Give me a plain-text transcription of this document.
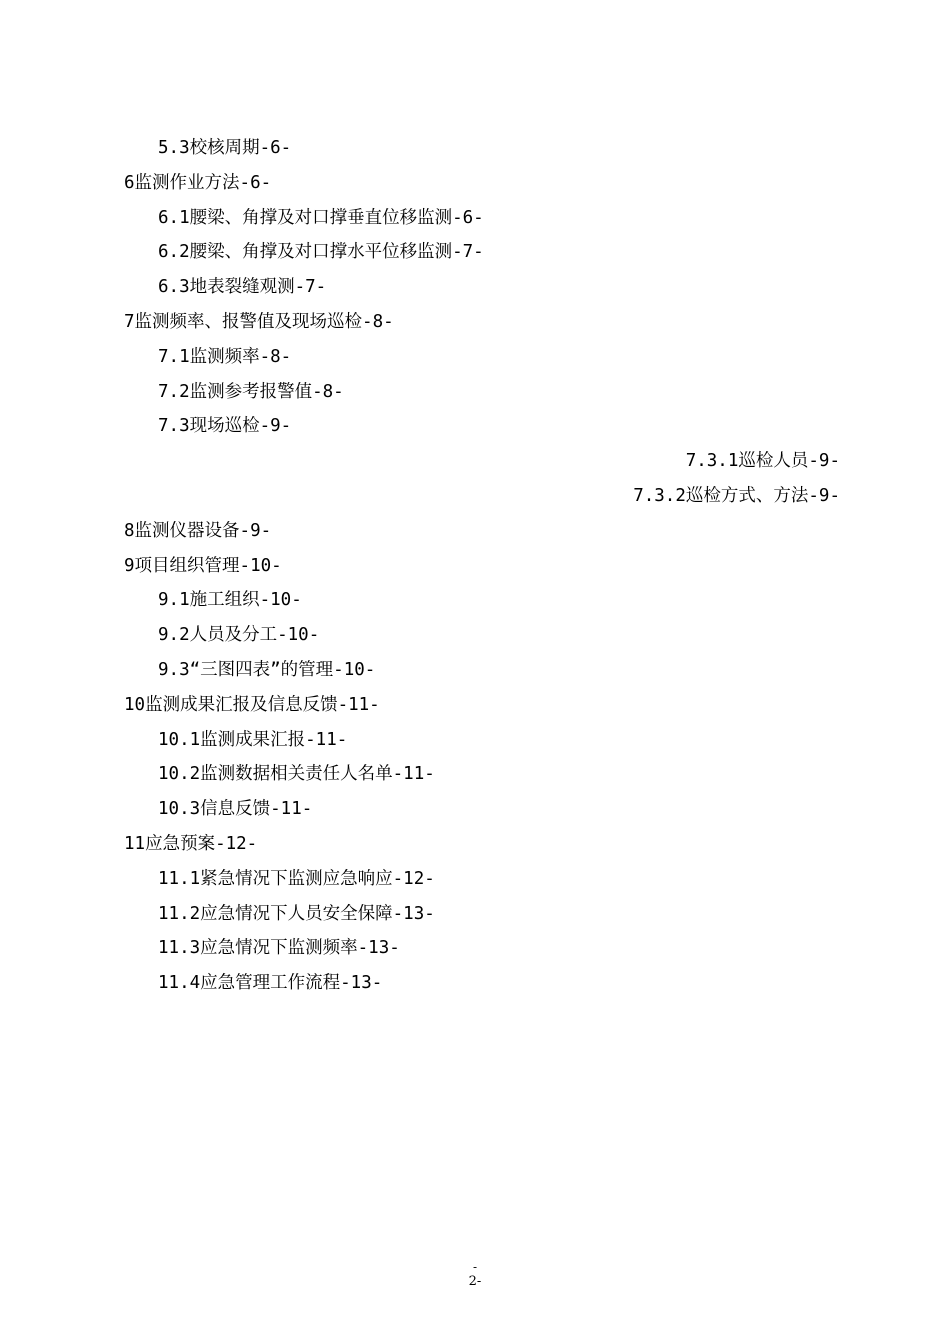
5.3校核周期-6-
6监测作业方法-6-
6.1腰梁、角撑及对口撑垂直位移监测-6-
6.2腰梁、角撑及对口撑水平位移监测-7-
6.3地表裂缝观测-7-
7监测频率、报警值及现场巡检-8-
7.1监测频率-8-
7.2监测参考报警值-8-
7.3现场巡检-9-
7.3.1巡检人员-9-
7.3.2巡检方式、方法-9-
8监测仪器设备-9-
9项目组织管理-10-
9.1施工组织-10-
9.2人员及分工-10-
9.3“三图四表”的管理-10-
10监测成果汇报及信息反馈-11-
10.1监测成果汇报-11-
10.2监测数据相关责任人名单-11-
10.3信息反馈-11-
11应急预案-12-
11.1紧急情况下监测应急响应-12-
11.2应急情况下人员安全保障-13-
11.3应急情况下监测频率-13-
11.4应急管理工作流程-13-
-
2-
